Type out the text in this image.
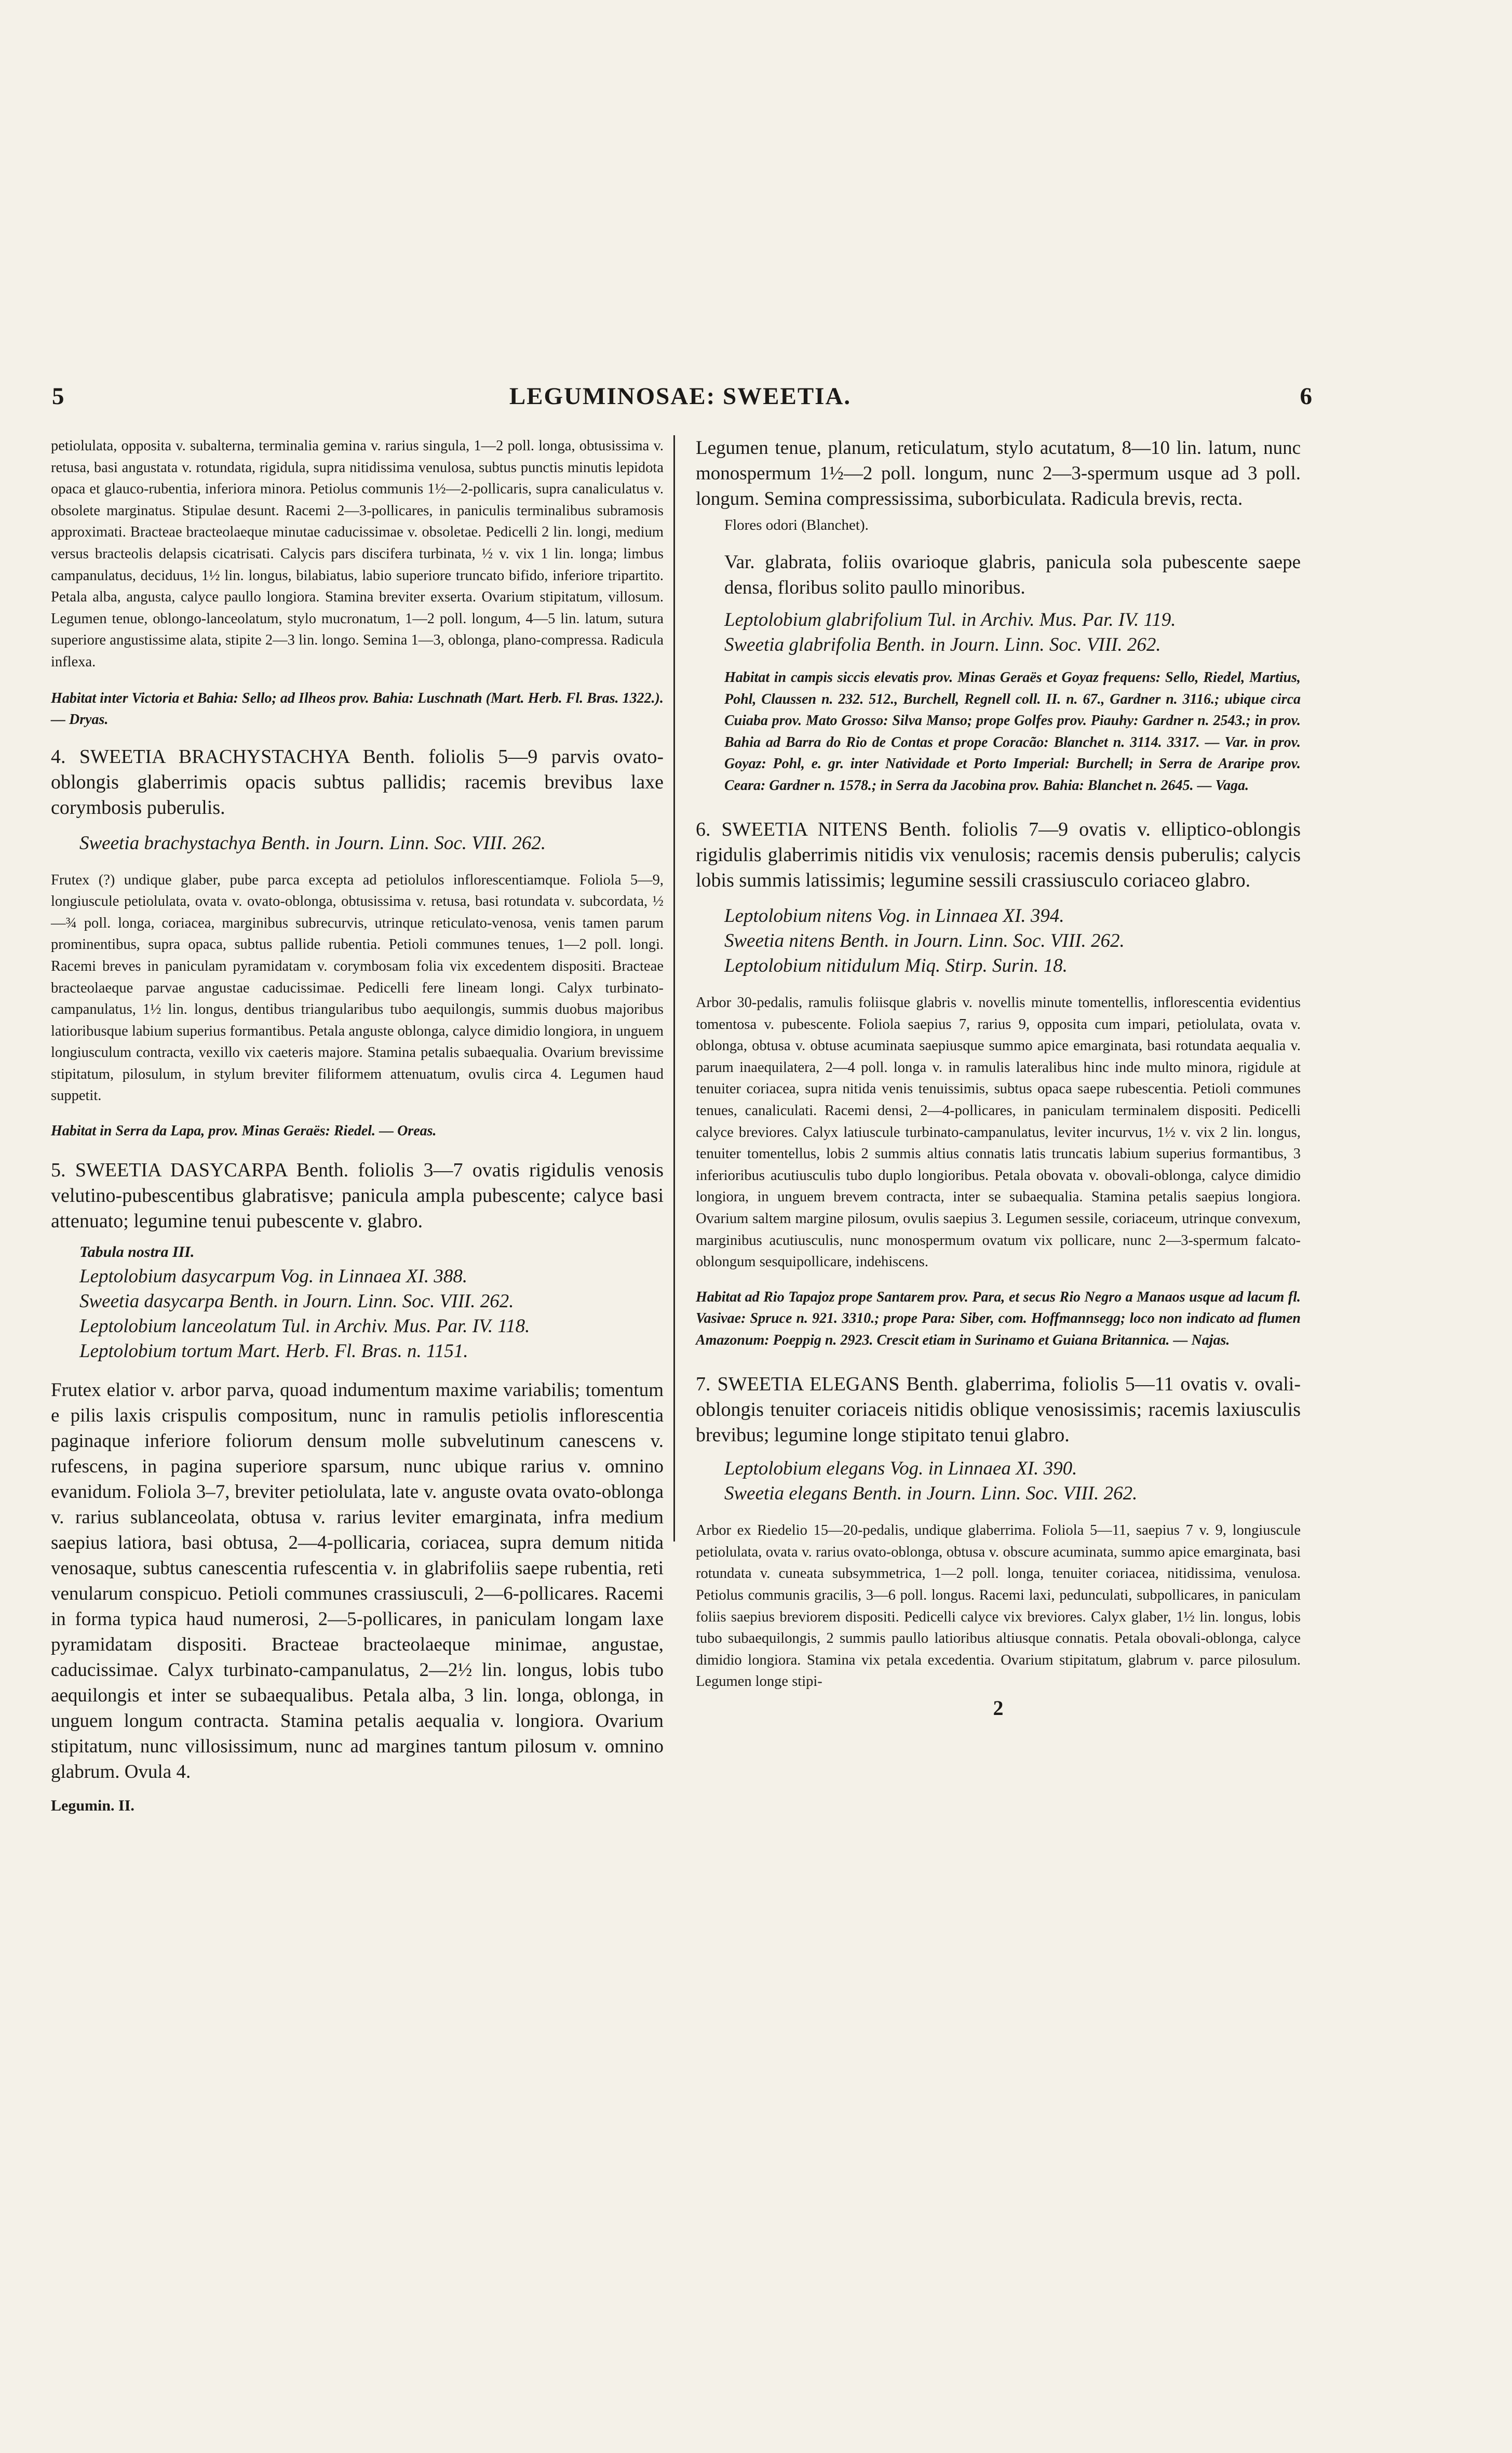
5	LEGUMINOSAE: SWEETIA.	6

petiolulata, opposita v. subalterna, terminalia gemina v. rarius singula, 1—2 poll. longa, obtusissima v. retusa, basi angustata v. rotundata, rigidula, supra nitidissima venulosa, subtus punctis minutis lepidota opaca et glauco-rubentia, inferiora minora. Petiolus communis 1½—2-pollicaris, supra canaliculatus v. obsolete marginatus. Stipulae desunt. Racemi 2—3-pollicares, in paniculis terminalibus subramosis approximati. Bracteae bracteolaeque minutae caducissimae v. obsoletae. Pedicelli 2 lin. longi, medium versus bracteolis delapsis cicatrisati. Calycis pars discifera turbinata, ½ v. vix 1 lin. longa; limbus campanulatus, deciduus, 1½ lin. longus, bilabiatus, labio superiore truncato bifido, inferiore tripartito. Petala alba, angusta, calyce paullo longiora. Stamina breviter exserta. Ovarium stipitatum, villosum. Legumen tenue, oblongo-lanceolatum, stylo mucronatum, 1—2 poll. longum, 4—5 lin. latum, sutura superiore angustissime alata, stipite 2—3 lin. longo. Semina 1—3, oblonga, plano-compressa. Radicula inflexa.

Habitat inter Victoria et Bahia: Sello; ad Ilheos prov. Bahia: Luschnath (Mart. Herb. Fl. Bras. 1322.). — Dryas.

4. SWEETIA BRACHYSTACHYA Benth. foliolis 5—9 parvis ovato-oblongis glaberrimis opacis subtus pallidis; racemis brevibus laxe corymbosis puberulis.

Sweetia brachystachya Benth. in Journ. Linn. Soc. VIII. 262.

Frutex (?) undique glaber, pube parca excepta ad petiolulos inflorescentiamque. Foliola 5—9, longiuscule petiolulata, ovata v. ovato-oblonga, obtusissima v. retusa, basi rotundata v. subcordata, ½—¾ poll. longa, coriacea, marginibus subrecurvis, utrinque reticulato-venosa, venis tamen parum prominentibus, supra opaca, subtus pallide rubentia. Petioli communes tenues, 1—2 poll. longi. Racemi breves in paniculam pyramidatam v. corymbosam folia vix excedentem dispositi. Bracteae bracteolaeque parvae angustae caducissimae. Pedicelli fere lineam longi. Calyx turbinato-campanulatus, 1½ lin. longus, dentibus triangularibus tubo aequilongis, summis duobus majoribus latioribusque labium superius formantibus. Petala anguste oblonga, calyce dimidio longiora, in unguem longiusculum contracta, vexillo vix caeteris majore. Stamina petalis subaequalia. Ovarium brevissime stipitatum, pilosulum, in stylum breviter filiformem attenuatum, ovulis circa 4. Legumen haud suppetit.

Habitat in Serra da Lapa, prov. Minas Geraës: Riedel. — Oreas.

5. SWEETIA DASYCARPA Benth. foliolis 3—7 ovatis rigidulis venosis velutino-pubescentibus glabratisve; panicula ampla pubescente; calyce basi attenuato; legumine tenui pubescente v. glabro.

Tabula nostra III.

Leptolobium dasycarpum Vog. in Linnaea XI. 388.
Sweetia dasycarpa Benth. in Journ. Linn. Soc. VIII. 262.
Leptolobium lanceolatum Tul. in Archiv. Mus. Par. IV. 118.
Leptolobium tortum Mart. Herb. Fl. Bras. n. 1151.

Frutex elatior v. arbor parva, quoad indumentum maxime variabilis; tomentum e pilis laxis crispulis compositum, nunc in ramulis petiolis inflorescentia paginaque inferiore foliorum densum molle subvelutinum canescens v. rufescens, in pagina superiore sparsum, nunc ubique rarius v. omnino evanidum. Foliola 3–7, breviter petiolulata, late v. anguste ovata ovato-oblonga v. rarius sublanceolata, obtusa v. rarius leviter emarginata, infra medium saepius latiora, basi obtusa, 2—4-pollicaria, coriacea, supra demum nitida venosaque, subtus canescentia rufescentia v. in glabrifoliis saepe rubentia, reti venularum conspicuo. Petioli communes crassiusculi, 2—6-pollicares. Racemi in forma typica haud numerosi, 2—5-pollicares, in paniculam longam laxe pyramidatam dispositi. Bracteae bracteolaeque minimae, angustae, caducissimae. Calyx turbinato-campanulatus, 2—2½ lin. longus, lobis tubo aequilongis et inter se subaequalibus. Petala alba, 3 lin. longa, oblonga, in unguem longum contracta. Stamina petalis aequalia v. longiora. Ovarium stipitatum, nunc villosissimum, nunc ad margines tantum pilosum v. omnino glabrum. Ovula 4.

Legumin. II.

Legumen tenue, planum, reticulatum, stylo acutatum, 8—10 lin. latum, nunc monospermum 1½—2 poll. longum, nunc 2—3-spermum usque ad 3 poll. longum. Semina compressissima, suborbiculata. Radicula brevis, recta.

Flores odori (Blanchet).

Var. glabrata, foliis ovarioque glabris, panicula sola pubescente saepe densa, floribus solito paullo minoribus.

Leptolobium glabrifolium Tul. in Archiv. Mus. Par. IV. 119.
Sweetia glabrifolia Benth. in Journ. Linn. Soc. VIII. 262.

Habitat in campis siccis elevatis prov. Minas Geraës et Goyaz frequens: Sello, Riedel, Martius, Pohl, Claussen n. 232. 512., Burchell, Regnell coll. II. n. 67., Gardner n. 3116.; ubique circa Cuiaba prov. Mato Grosso: Silva Manso; prope Golfes prov. Piauhy: Gardner n. 2543.; in prov. Bahia ad Barra do Rio de Contas et prope Coracão: Blanchet n. 3114. 3317. — Var. in prov. Goyaz: Pohl, e. gr. inter Natividade et Porto Imperial: Burchell; in Serra de Araripe prov. Ceara: Gardner n. 1578.; in Serra da Jacobina prov. Bahia: Blanchet n. 2645. — Vaga.

6. SWEETIA NITENS Benth. foliolis 7—9 ovatis v. elliptico-oblongis rigidulis glaberrimis nitidis vix venulosis; racemis densis puberulis; calycis lobis summis latissimis; legumine sessili crassiusculo coriaceo glabro.

Leptolobium nitens Vog. in Linnaea XI. 394.
Sweetia nitens Benth. in Journ. Linn. Soc. VIII. 262.
Leptolobium nitidulum Miq. Stirp. Surin. 18.

Arbor 30-pedalis, ramulis foliisque glabris v. novellis minute tomentellis, inflorescentia evidentius tomentosa v. pubescente. Foliola saepius 7, rarius 9, opposita cum impari, petiolulata, ovata v. oblonga, obtusa v. obtuse acuminata saepiusque summo apice emarginata, basi rotundata aequalia v. parum inaequilatera, 2—4 poll. longa v. in ramulis lateralibus hinc inde multo minora, rigidule at tenuiter coriacea, supra nitida venis tenuissimis, subtus opaca saepe rubescentia. Petioli communes tenues, canaliculati. Racemi densi, 2—4-pollicares, in paniculam terminalem dispositi. Pedicelli calyce breviores. Calyx latiuscule turbinato-campanulatus, leviter incurvus, 1½ v. vix 2 lin. longus, tenuiter tomentellus, lobis 2 summis altius connatis latis truncatis labium superius formantibus, 3 inferioribus acutiusculis tubo duplo longioribus. Petala obovata v. obovali-oblonga, calyce dimidio longiora, in unguem brevem contracta, inter se subaequalia. Stamina petalis saepius longiora. Ovarium saltem margine pilosum, ovulis saepius 3. Legumen sessile, coriaceum, utrinque convexum, marginibus acutiusculis, nunc monospermum ovatum vix pollicare, nunc 2—3-spermum falcato-oblongum sesquipollicare, indehiscens.

Habitat ad Rio Tapajoz prope Santarem prov. Para, et secus Rio Negro a Manaos usque ad lacum fl. Vasivae: Spruce n. 921. 3310.; prope Para: Siber, com. Hoffmannsegg; loco non indicato ad flumen Amazonum: Poeppig n. 2923. Crescit etiam in Surinamo et Guiana Britannica. — Najas.

7. SWEETIA ELEGANS Benth. glaberrima, foliolis 5—11 ovatis v. ovali-oblongis tenuiter coriaceis nitidis oblique venosissimis; racemis laxiusculis brevibus; legumine longe stipitato tenui glabro.

Leptolobium elegans Vog. in Linnaea XI. 390.
Sweetia elegans Benth. in Journ. Linn. Soc. VIII. 262.

Arbor ex Riedelio 15—20-pedalis, undique glaberrima. Foliola 5—11, saepius 7 v. 9, longiuscule petiolulata, ovata v. rarius ovato-oblonga, obtusa v. obscure acuminata, summo apice emarginata, basi rotundata v. cuneata subsymmetrica, 1—2 poll. longa, tenuiter coriacea, nitidissima, venulosa. Petiolus communis gracilis, 3—6 poll. longus. Racemi laxi, pedunculati, subpollicares, in paniculam foliis saepius breviorem dispositi. Pedicelli calyce vix breviores. Calyx glaber, 1½ lin. longus, lobis tubo subaequilongis, 2 summis paullo latioribus altiusque connatis. Petala obovali-oblonga, calyce dimidio longiora. Stamina vix petala excedentia. Ovarium stipitatum, glabrum v. parce pilosulum. Legumen longe stipi-

2
